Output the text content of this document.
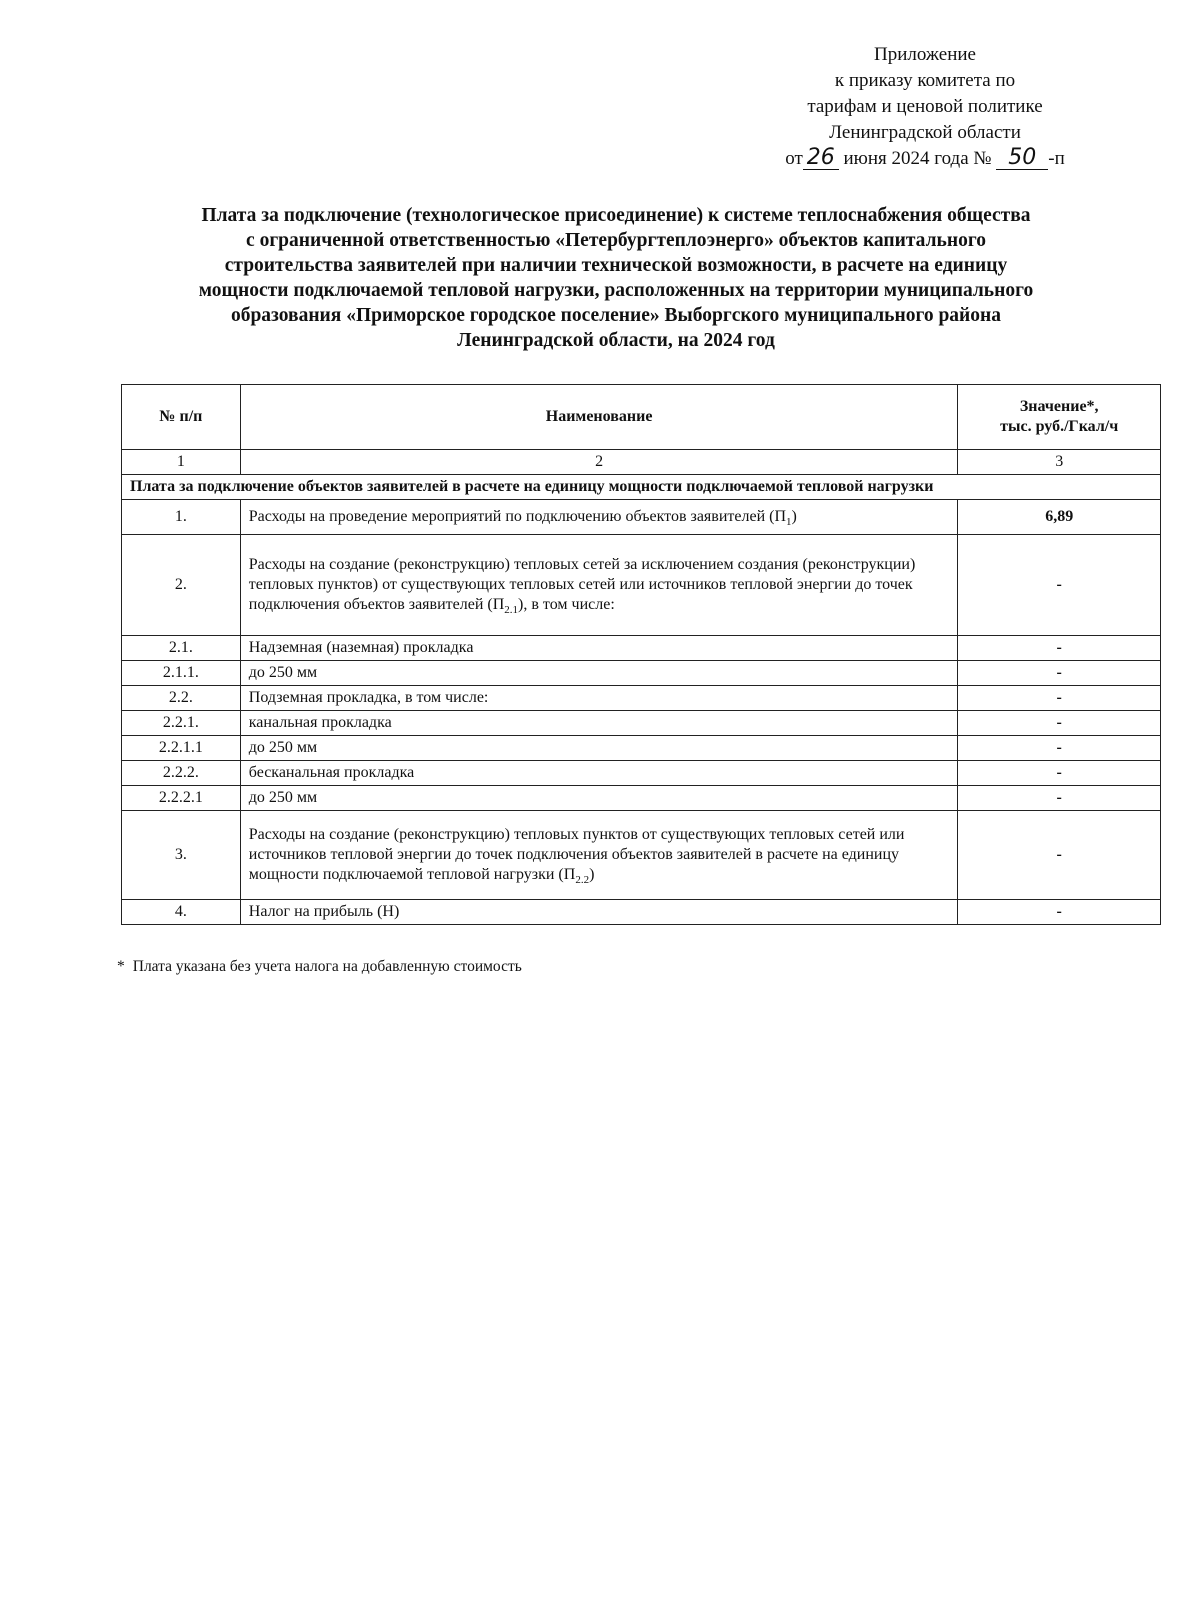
Приложение
к приказу комитета по
тарифам и ценовой политике
Ленинградской области
от 26 июня 2024 года № 50 -п
Плата за подключение (технологическое присоединение) к системе теплоснабжения общества
с ограниченной ответственностью «Петербургтеплоэнерго» объектов капитального
строительства заявителей при наличии технической возможности, в расчете на единицу
мощности подключаемой тепловой нагрузки, расположенных на территории муниципального
образования «Приморское городское поселение» Выборгского муниципального района
Ленинградской области, на 2024 год
№ п/п	Наименование	Значение*,
тыс. руб./Гкал/ч
1	2	3
Плата за подключение объектов заявителей в расчете на единицу мощности подключаемой тепловой нагрузки		
1.	Расходы на проведение мероприятий по подключению объектов заявителей $(П_1)$	6,89
2.	Расходы на создание (реконструкцию) тепловых сетей за исключением создания (реконструкции) тепловых пунктов) от существующих тепловых сетей или источников тепловой энергии до точек подключения объектов заявителей $(П_{2.1})$, в том числе:	-
2.1.	Надземная (наземная) прокладка	-
2.1.1.	до 250 мм	-
2.2.	Подземная прокладка, в том числе:	-
2.2.1.	канальная прокладка	-
2.2.1.1	до 250 мм	-
2.2.2.	бесканальная прокладка	-
2.2.2.1	до 250 мм	-
3.	Расходы на создание (реконструкцию) тепловых пунктов от существующих тепловых сетей или источников тепловой энергии до точек подключения объектов заявителей в расчете на единицу мощности подключаемой тепловой нагрузки $(П_{2.2})$	-
4.	Налог на прибыль (Н)	-
* Плата указана без учета налога на добавленную стоимость
